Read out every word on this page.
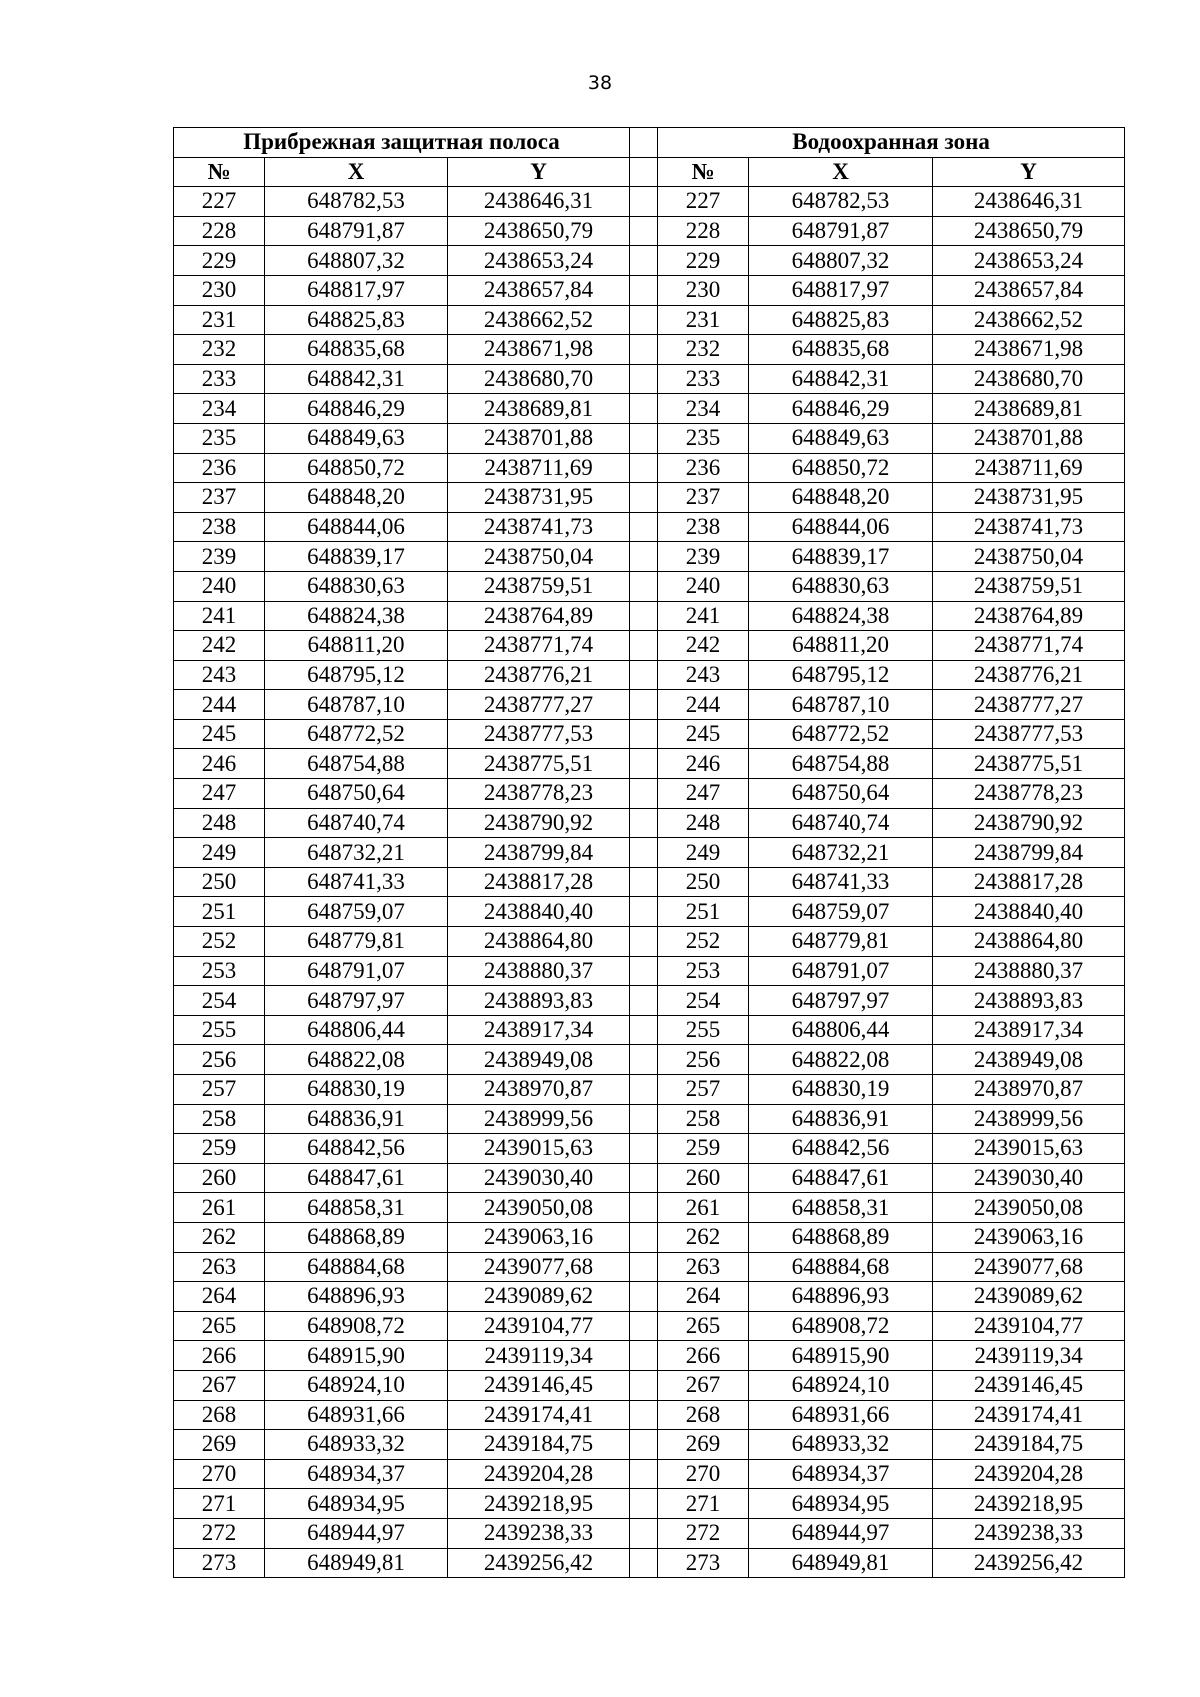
38
Прибрежная защитная полоса				Водоохранная зона		
№	X	Y		№	X	Y
227	648782,53	2438646,31		227	648782,53	2438646,31
228	648791,87	2438650,79		228	648791,87	2438650,79
229	648807,32	2438653,24		229	648807,32	2438653,24
230	648817,97	2438657,84		230	648817,97	2438657,84
231	648825,83	2438662,52		231	648825,83	2438662,52
232	648835,68	2438671,98		232	648835,68	2438671,98
233	648842,31	2438680,70		233	648842,31	2438680,70
234	648846,29	2438689,81		234	648846,29	2438689,81
235	648849,63	2438701,88		235	648849,63	2438701,88
236	648850,72	2438711,69		236	648850,72	2438711,69
237	648848,20	2438731,95		237	648848,20	2438731,95
238	648844,06	2438741,73		238	648844,06	2438741,73
239	648839,17	2438750,04		239	648839,17	2438750,04
240	648830,63	2438759,51		240	648830,63	2438759,51
241	648824,38	2438764,89		241	648824,38	2438764,89
242	648811,20	2438771,74		242	648811,20	2438771,74
243	648795,12	2438776,21		243	648795,12	2438776,21
244	648787,10	2438777,27		244	648787,10	2438777,27
245	648772,52	2438777,53		245	648772,52	2438777,53
246	648754,88	2438775,51		246	648754,88	2438775,51
247	648750,64	2438778,23		247	648750,64	2438778,23
248	648740,74	2438790,92		248	648740,74	2438790,92
249	648732,21	2438799,84		249	648732,21	2438799,84
250	648741,33	2438817,28		250	648741,33	2438817,28
251	648759,07	2438840,40		251	648759,07	2438840,40
252	648779,81	2438864,80		252	648779,81	2438864,80
253	648791,07	2438880,37		253	648791,07	2438880,37
254	648797,97	2438893,83		254	648797,97	2438893,83
255	648806,44	2438917,34		255	648806,44	2438917,34
256	648822,08	2438949,08		256	648822,08	2438949,08
257	648830,19	2438970,87		257	648830,19	2438970,87
258	648836,91	2438999,56		258	648836,91	2438999,56
259	648842,56	2439015,63		259	648842,56	2439015,63
260	648847,61	2439030,40		260	648847,61	2439030,40
261	648858,31	2439050,08		261	648858,31	2439050,08
262	648868,89	2439063,16		262	648868,89	2439063,16
263	648884,68	2439077,68		263	648884,68	2439077,68
264	648896,93	2439089,62		264	648896,93	2439089,62
265	648908,72	2439104,77		265	648908,72	2439104,77
266	648915,90	2439119,34		266	648915,90	2439119,34
267	648924,10	2439146,45		267	648924,10	2439146,45
268	648931,66	2439174,41		268	648931,66	2439174,41
269	648933,32	2439184,75		269	648933,32	2439184,75
270	648934,37	2439204,28		270	648934,37	2439204,28
271	648934,95	2439218,95		271	648934,95	2439218,95
272	648944,97	2439238,33		272	648944,97	2439238,33
273	648949,81	2439256,42		273	648949,81	2439256,42
